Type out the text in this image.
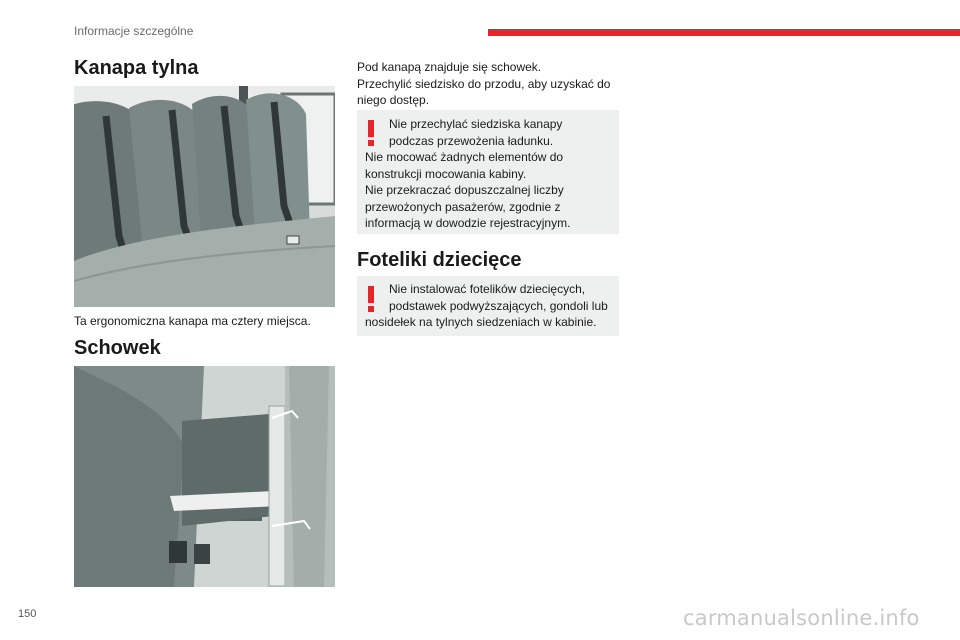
Informacje szczególne
Kanapa tylna
Ta ergonomiczna kanapa ma cztery miejsca.
Schowek
Pod kanapą znajduje się schowek.
Przechylić siedzisko do przodu, aby uzyskać do
niego dostęp.
Nie przechylać siedziska kanapy
podczas przewożenia ładunku.
Nie mocować żadnych elementów do
konstrukcji mocowania kabiny.
Nie przekraczać dopuszczalnej liczby
przewożonych pasażerów, zgodnie z
informacją w dowodzie rejestracyjnym.
Foteliki dziecięce
Nie instalować fotelików dziecięcych,
podstawek podwyższających, gondoli lub
nosidełek na tylnych siedzeniach w kabinie.
150	carmanualsonline.info
